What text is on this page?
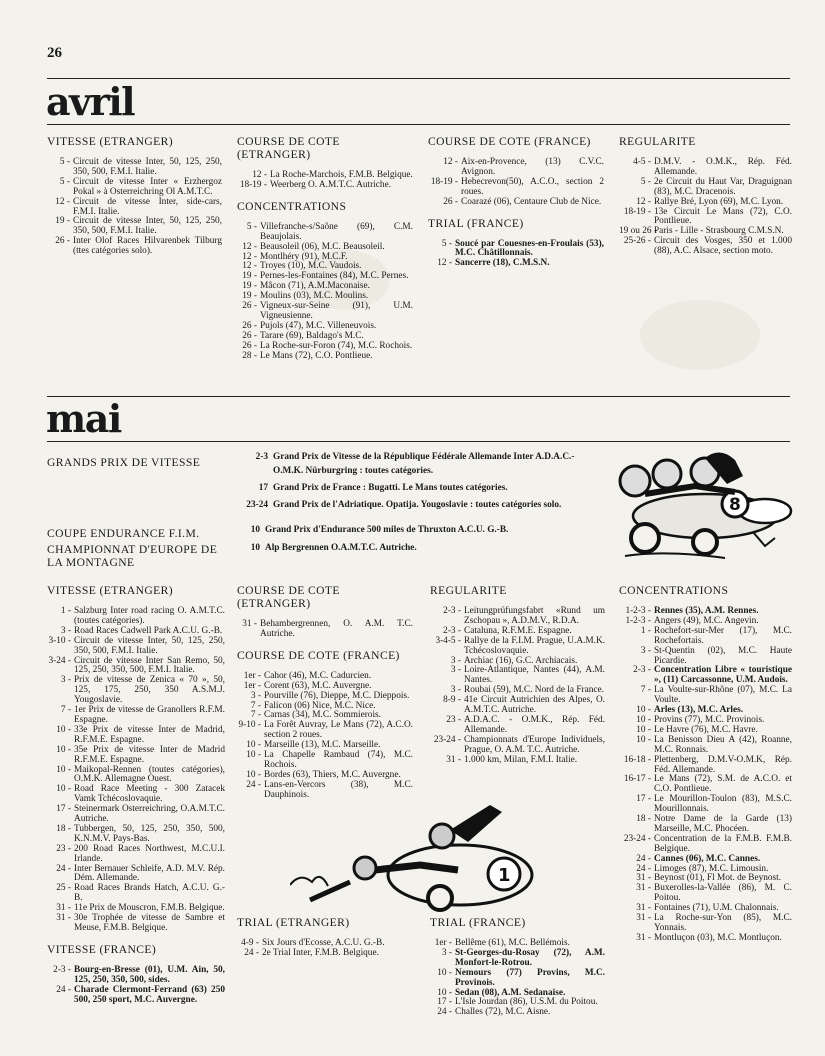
26
avril
VITESSE (ETRANGER)
5 - Circuit de vitesse Inter, 50, 125, 250, 350, 500, F.M.I. Italie.
5 - Circuit de vitesse Inter « Erzhergoz Pokal » à Osterreichring Ol A.M.T.C.
12 - Circuit de vitesse Inter, side-cars, F.M.I. Italie.
19 - Circuit de vitesse Inter, 50, 125, 250, 350, 500, F.M.I. Italie.
26 - Inter Olof Races Hilvarenbek Tilburg (ttes catégories solo).
COURSE DE COTE (ETRANGER)
12 - La Roche-Marchois, F.M.B. Belgique.
18-19 - Weerberg O. A.M.T.C. Autriche.
CONCENTRATIONS
5 - Villefranche-s/Saône (69), C.M. Beaujolais.
12 - Beausoleil (06), M.C. Beausoleil.
12 - Montlhéry (91), M.C.F.
12 - Troyes (10), M.C. Vaudois.
19 - Pernes-les-Fontaines (84), M.C. Pernes.
19 - Mâcon (71), A.M.Maconaise.
19 - Moulins (03), M.C. Moulins.
26 - Vigneux-sur-Seine (91), U.M. Vigneusienne.
26 - Pujols (47), M.C. Villeneuvois.
26 - Tarare (69), Baldago's M.C.
26 - La Roche-sur-Foron (74), M.C. Rochois.
28 - Le Mans (72), C.O. Pontlieue.
COURSE DE COTE (FRANCE)
12 - Aix-en-Provence, (13) C.V.C. Avignon.
18-19 - Hebecrevon(50), A.C.O., section 2 roues.
26 - Coarazé (06), Centaure Club de Nice.
TRIAL (FRANCE)
5 - Soucé par Couesnes-en-Froulais (53), M.C. Châtillonnais.
12 - Sancerre (18), C.M.S.N.
REGULARITE
4-5 - D.M.V. - O.M.K., Rép. Féd. Allemande.
5 - 2e Circuit du Haut Var, Draguignan (83), M.C. Dracenois.
12 - Rallye Bré, Lyon (69), M.C. Lyon.
18-19 - 13e Circuit Le Mans (72), C.O. Pontlieue.
19 ou 26 -
Paris - Lille - Strasbourg C.M.S.N.
25-26 - Circuit des Vosges, 350 et 1.000 (88), A.C. Alsace, section moto.
mai
GRANDS PRIX DE VITESSE	2-3 Grand Prix de Vitesse de la République Fédérale Allemande Inter A.D.A.C.-O.M.K. Nürburgring : toutes catégories.
17 Grand Prix de France : Bugatti. Le Mans toutes catégories.
23-24 Grand Prix de l'Adriatique. Opatija. Yougoslavie : toutes catégories solo.
COUPE ENDURANCE F.I.M.	10 Grand Prix d'Endurance 500 miles de Thruxton A.C.U. G.-B.
CHAMPIONNAT D'EUROPE DE LA MONTAGNE
10 Alp Bergrennen O.A.M.T.C. Autriche.
8
VITESSE (ETRANGER)
1 - Salzburg Inter road racing O. A.M.T.C. (toutes catégories).
3 - Road Races Cadwell Park A.C.U. G.-B.
3-10 - Circuit de vitesse Inter, 50, 125, 250, 350, 500, F.M.I. Italie.
3-24 - Circuit de vitesse Inter San Remo, 50, 125, 250, 350, 500, F.M.I. Italie.
3 - Prix de vitesse de Zenica « 70 », 50, 125, 175, 250, 350 A.S.M.J. Yougoslavie.
7 - 1er Prix de vitesse de Granollers R.F.M. Espagne.
10 - 33e Prix de vitesse Inter de Madrid, R.F.M.E. Espagne.
10 - 35e Prix de vitesse Inter de Madrid R.F.M.E. Espagne.
10 - Maikopal-Rennen (toutes catégories), O.M.K. Allemagne Ouest.
10 - Road Race Meeting - 300 Zatacek Vamk Tchécoslovaquie.
17 - Steinermark Osterreichring, O.A.M.T.C. Autriche.
18 - Tubbergen, 50, 125, 250, 350, 500, K.N.M.V. Pays-Bas.
23 - 200 Road Races Northwest, M.C.U.I. Irlande.
24 - Inter Bernauer Schleife, A.D. M.V. Rép. Dém. Allemande.
25 - Road Races Brands Hatch, A.C.U. G.-B.
31 - 11e Prix de Mouscron, F.M.B. Belgique.
31 - 30e Trophée de vitesse de Sambre et Meuse, F.M.B. Belgique.
VITESSE (FRANCE)
2-3 - Bourg-en-Bresse (01), U.M. Ain, 50, 125, 250, 350, 500, sides.
24 - Charade Clermont-Ferrand (63) 250 500, 250 sport, M.C. Auvergne.
COURSE DE COTE (ETRANGER)
31 - Behambergrennen, O. A.M. T.C. Autriche.
COURSE DE COTE (FRANCE)
1er - Cahor (46), M.C. Cadurcien.
1er - Corent (63), M.C. Auvergne.
3 - Pourville (76), Dieppe, M.C. Dieppois.
7 - Falicon (06) Nice, M.C. Nice.
7 - Carnas (34), M.C. Sommierois.
9-10 - La Forêt Auvray, Le Mans (72), A.C.O. section 2 roues.
10 - Marseille (13), M.C. Marseille.
10 - La Chapelle Rambaud (74), M.C. Rochois.
10 - Bordes (63), Thiers, M.C. Auvergne.
24 - Lans-en-Vercors (38), M.C. Dauphinois.
1
TRIAL (ETRANGER)
4-9 - Six Jours d'Ecosse, A.C.U. G.-B.
24 - 2e Trial Inter, F.M.B. Belgique.
REGULARITE
2-3 - Leitungprüfungsfabrt «Rund um Zschopau », A.D.M.V., R.D.A.
2-3 - Cataluna, R.F.M.E. Espagne.
3-4-5 - Rallye de la F.I.M. Prague, U.A.M.K. Tchécoslovaquie.
3 - Archiac (16), G.C. Archiacais.
3 - Loire-Atlantique, Nantes (44), A.M. Nantes.
3 - Roubai (59), M.C. Nord de la France.
8-9 - 41e Circuit Autrichien des Alpes, O. A.M.T.C. Autriche.
23 - A.D.A.C. - O.M.K., Rép. Féd. Allemande.
23-24 - Championnats d'Europe Individuels, Prague, O. A.M. T.C. Autriche.
31 - 1.000 km, Milan, F.M.I. Italie.
TRIAL (FRANCE)
1er - Bellême (61), M.C. Bellémois.
3 - St-Georges-du-Rosay (72), A.M. Monfort-le-Rotrou.
10 - Nemours (77) Provins, M.C. Provinois.
10 - Sedan (08), A.M. Sedanaise.
17 - L'Isle Jourdan (86), U.S.M. du Poitou.
24 - Challes (72), M.C. Aisne.
CONCENTRATIONS
1-2-3 - Rennes (35), A.M. Rennes.
1-2-3 - Angers (49), M.C. Angevin.
1 - Rochefort-sur-Mer (17), M.C. Rochefortais.
3 - St-Quentin (02), M.C. Haute Picardie.
2-3 - Concentration Libre « touristique », (11) Carcassonne, U.M. Audois.
7 - La Voulte-sur-Rhône (07), M.C. La Voulte.
10 - Arles (13), M.C. Arles.
10 - Provins (77), M.C. Provinois.
10 - Le Havre (76), M.C. Havre.
10 - La Benisson Dieu A (42), Roanne, M.C. Ronnais.
16-18 - Plettenberg, D.M.V-O.M.K, Rép. Féd. Allemande.
16-17 - Le Mans (72), S.M. de A.C.O. et C.O. Pontlieue.
17 - Le Mourillon-Toulon (83), M.S.C. Mourillonnais.
18 - Notre Dame de la Garde (13) Marseille, M.C. Phocéen.
23-24 - Concentration de la F.M.B. F.M.B. Belgique.
24 - Cannes (06), M.C. Cannes.
24 - Limoges (87), M.C. Limousin.
31 - Beynost (01), Fl Mot. de Beynost.
31 - Buxerolles-la-Vallée (86), M. C. Poitou.
31 - Fontaines (71), U.M. Chalonnais.
31 - La Roche-sur-Yon (85), M.C. Yonnais.
31 - Montluçon (03), M.C. Montluçon.
